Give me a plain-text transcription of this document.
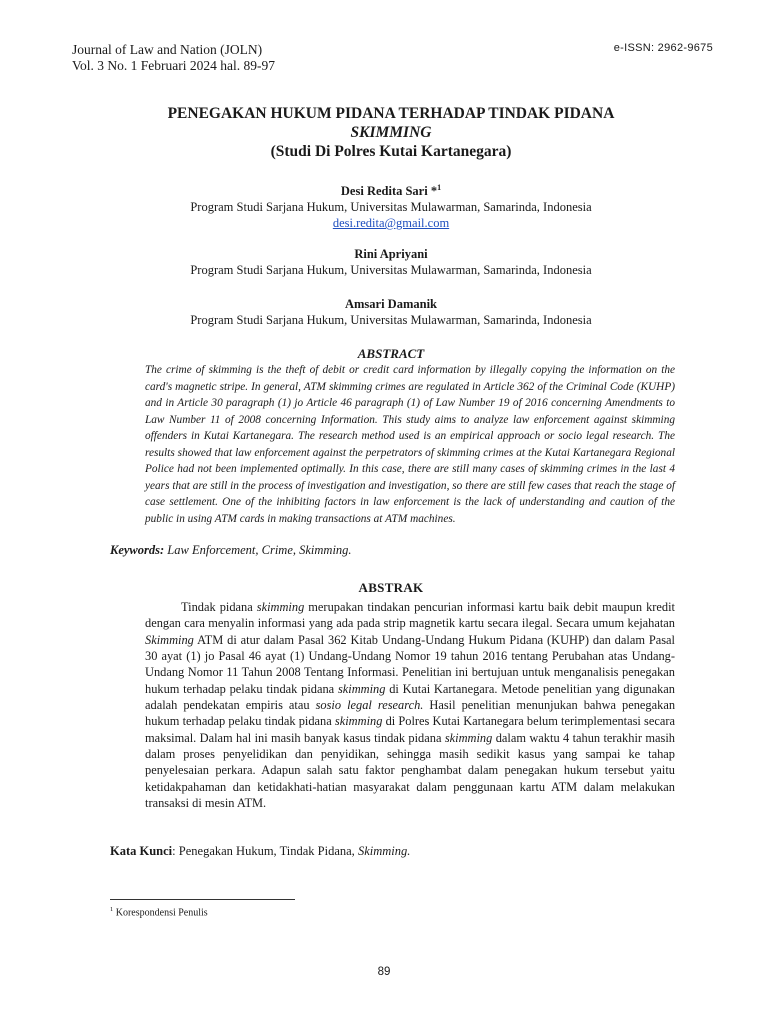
Journal of Law and Nation (JOLN)
Vol. 3 No. 1 Februari 2024 hal. 89-97
e-ISSN: 2962-9675
PENEGAKAN HUKUM PIDANA TERHADAP TINDAK PIDANA
SKIMMING
(Studi Di Polres Kutai Kartanegara)
Desi Redita Sari *$^1$
Program Studi Sarjana Hukum, Universitas Mulawarman, Samarinda, Indonesia
desi.redita@gmail.com
Rini Apriyani
Program Studi Sarjana Hukum, Universitas Mulawarman, Samarinda, Indonesia
Amsari Damanik
Program Studi Sarjana Hukum, Universitas Mulawarman, Samarinda, Indonesia
ABSTRACT
The crime of skimming is the theft of debit or credit card information by illegally copying the information on the card's magnetic stripe. In general, ATM skimming crimes are regulated in Article 362 of the Criminal Code (KUHP) and in Article 30 paragraph (1) jo Article 46 paragraph (1) of Law Number 19 of 2016 concerning Amendments to Law Number 11 of 2008 concerning Information. This study aims to analyze law enforcement against skimming offenders in Kutai Kartanegara. The research method used is an empirical approach or socio legal research. The results showed that law enforcement against the perpetrators of skimming crimes at the Kutai Kartanegara Regional Police had not been implemented optimally. In this case, there are still many cases of skimming crimes in the last 4 years that are still in the process of investigation and investigation, so there are still few cases that reach the stage of case settlement. One of the inhibiting factors in law enforcement is the lack of understanding and caution of the public in using ATM cards in making transactions at ATM machines.
Keywords: Law Enforcement, Crime, Skimming.
ABSTRAK

Tindak pidana skimming merupakan tindakan pencurian informasi kartu baik debit maupun kredit dengan cara menyalin informasi yang ada pada strip magnetik kartu secara ilegal. Secara umum kejahatan Skimming ATM di atur dalam Pasal 362 Kitab Undang-Undang Hukum Pidana (KUHP) dan dalam Pasal 30 ayat (1) jo Pasal 46 ayat (1) Undang-Undang Nomor 19 tahun 2016 tentang Perubahan atas Undang-Undang Nomor 11 Tahun 2008 Tentang Informasi. Penelitian ini bertujuan untuk menganalisis penegakan hukum terhadap pelaku tindak pidana skimming di Kutai Kartanegara. Metode penelitian yang digunakan adalah pendekatan empiris atau sosio legal research. Hasil penelitian menunjukan bahwa penegakan hukum terhadap pelaku tindak pidana skimming di Polres Kutai Kartanegara belum terimplementasi secara maksimal. Dalam hal ini masih banyak kasus tindak pidana skimming dalam waktu 4 tahun terakhir masih dalam proses penyelidikan dan penyidikan, sehingga masih sedikit kasus yang sampai ke tahap penyelesaian perkara. Adapun salah satu faktor penghambat dalam penegakan hukum tersebut yaitu ketidakpahaman dan ketidakhati-hatian masyarakat dalam penggunaan kartu ATM dalam melakukan transaksi di mesin ATM.

Kata Kunci: Penegakan Hukum, Tindak Pidana, Skimming.
$^1$ Korespondensi Penulis
89
